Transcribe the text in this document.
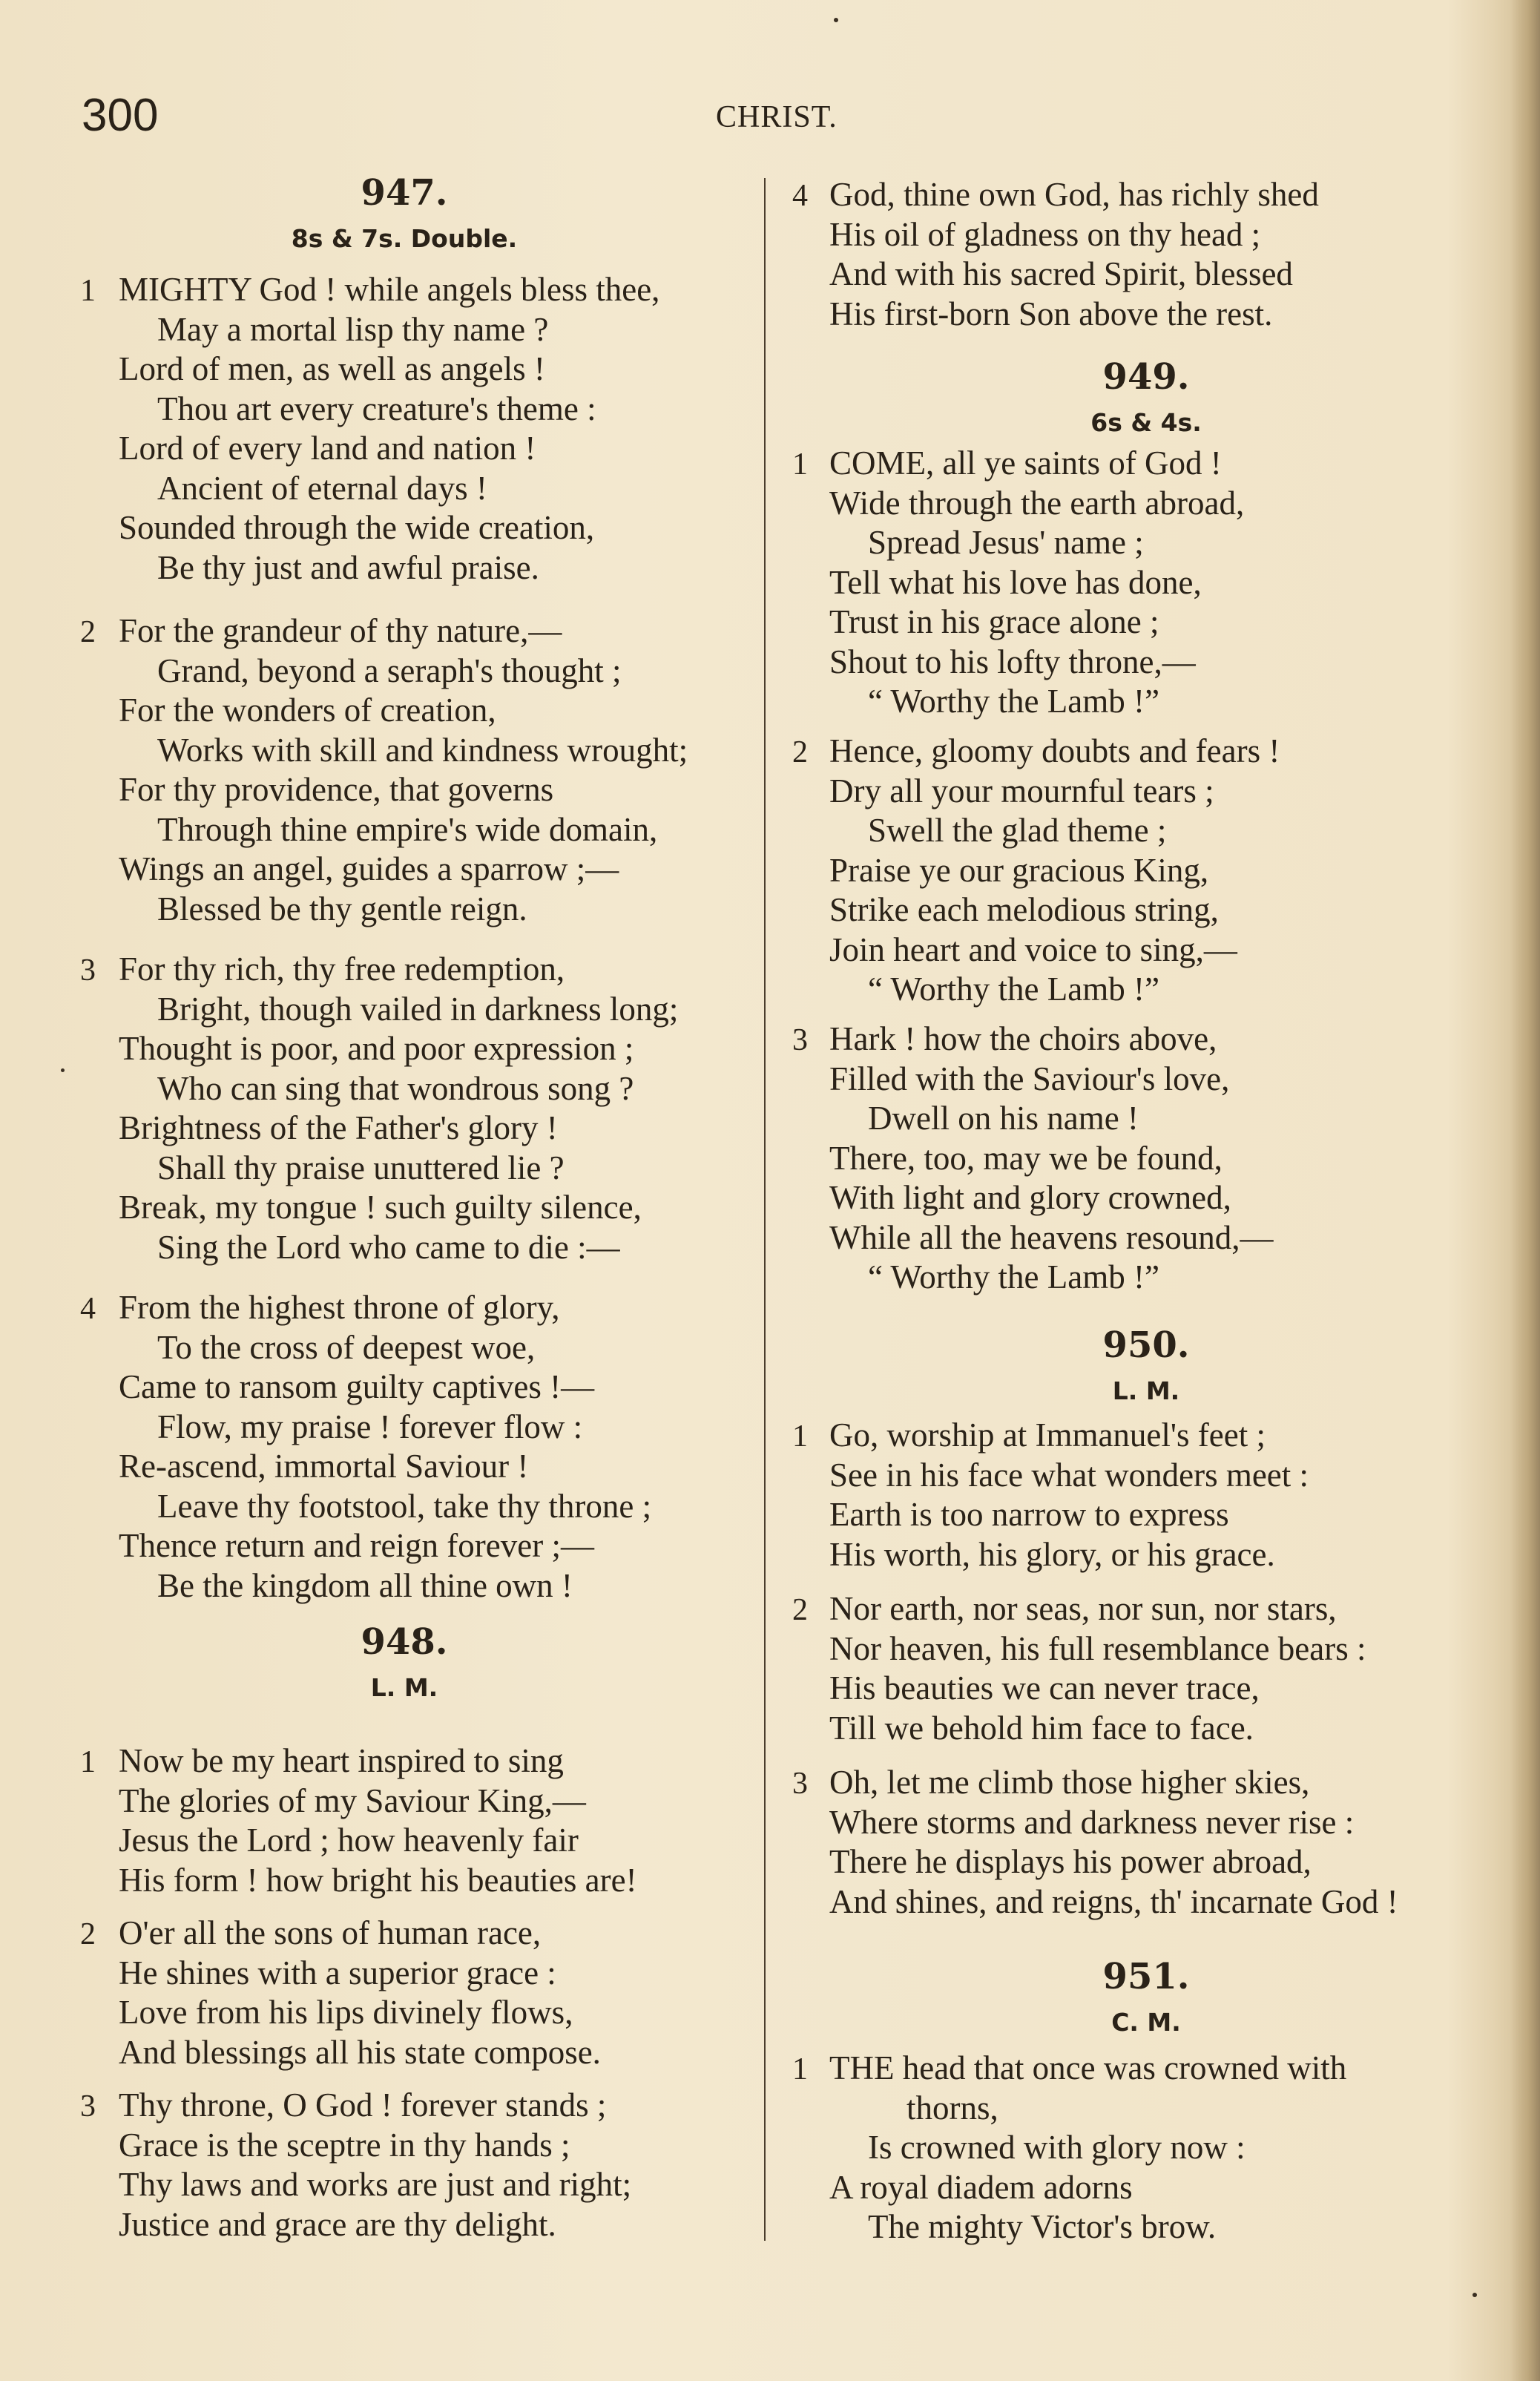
300	CHRIST.
947.
8s & 7s. Double.
1 MIGHTY God ! while angels bless thee,
May a mortal lisp thy name ?
Lord of men, as well as angels !
Thou art every creature's theme :
Lord of every land and nation !
Ancient of eternal days !
Sounded through the wide creation,
Be thy just and awful praise.
2 For the grandeur of thy nature,—
Grand, beyond a seraph's thought ;
For the wonders of creation,
Works with skill and kindness wrought;
For thy providence, that governs
Through thine empire's wide domain,
Wings an angel, guides a sparrow ;—
Blessed be thy gentle reign.
3 For thy rich, thy free redemption,
Bright, though vailed in darkness long;
Thought is poor, and poor expression ;
Who can sing that wondrous song ?
Brightness of the Father's glory !
Shall thy praise unuttered lie ?
Break, my tongue ! such guilty silence,
Sing the Lord who came to die :—
4 From the highest throne of glory,
To the cross of deepest woe,
Came to ransom guilty captives !—
Flow, my praise ! forever flow :
Re-ascend, immortal Saviour !
Leave thy footstool, take thy throne ;
Thence return and reign forever ;—
Be the kingdom all thine own !
948.
L. M.
1 Now be my heart inspired to sing
The glories of my Saviour King,—
Jesus the Lord ; how heavenly fair
His form ! how bright his beauties are!
2 O'er all the sons of human race,
He shines with a superior grace :
Love from his lips divinely flows,
And blessings all his state compose.
3 Thy throne, O God ! forever stands ;
Grace is the sceptre in thy hands ;
Thy laws and works are just and right;
Justice and grace are thy delight.
4 God, thine own God, has richly shed
His oil of gladness on thy head ;
And with his sacred Spirit, blessed
His first-born Son above the rest.
949.
6s & 4s.
1 COME, all ye saints of God !
Wide through the earth abroad,
Spread Jesus' name ;
Tell what his love has done,
Trust in his grace alone ;
Shout to his lofty throne,—
“ Worthy the Lamb !”
2 Hence, gloomy doubts and fears !
Dry all your mournful tears ;
Swell the glad theme ;
Praise ye our gracious King,
Strike each melodious string,
Join heart and voice to sing,—
“ Worthy the Lamb !”
3 Hark ! how the choirs above,
Filled with the Saviour's love,
Dwell on his name !
There, too, may we be found,
With light and glory crowned,
While all the heavens resound,—
“ Worthy the Lamb !”
950.
L. M.
1 Go, worship at Immanuel's feet ;
See in his face what wonders meet :
Earth is too narrow to express
His worth, his glory, or his grace.
2 Nor earth, nor seas, nor sun, nor stars,
Nor heaven, his full resemblance bears :
His beauties we can never trace,
Till we behold him face to face.
3 Oh, let me climb those higher skies,
Where storms and darkness never rise :
There he displays his power abroad,
And shines, and reigns, th' incarnate God !
951.
C. M.
1 THE head that once was crowned with
thorns,
Is crowned with glory now :
A royal diadem adorns
The mighty Victor's brow.
